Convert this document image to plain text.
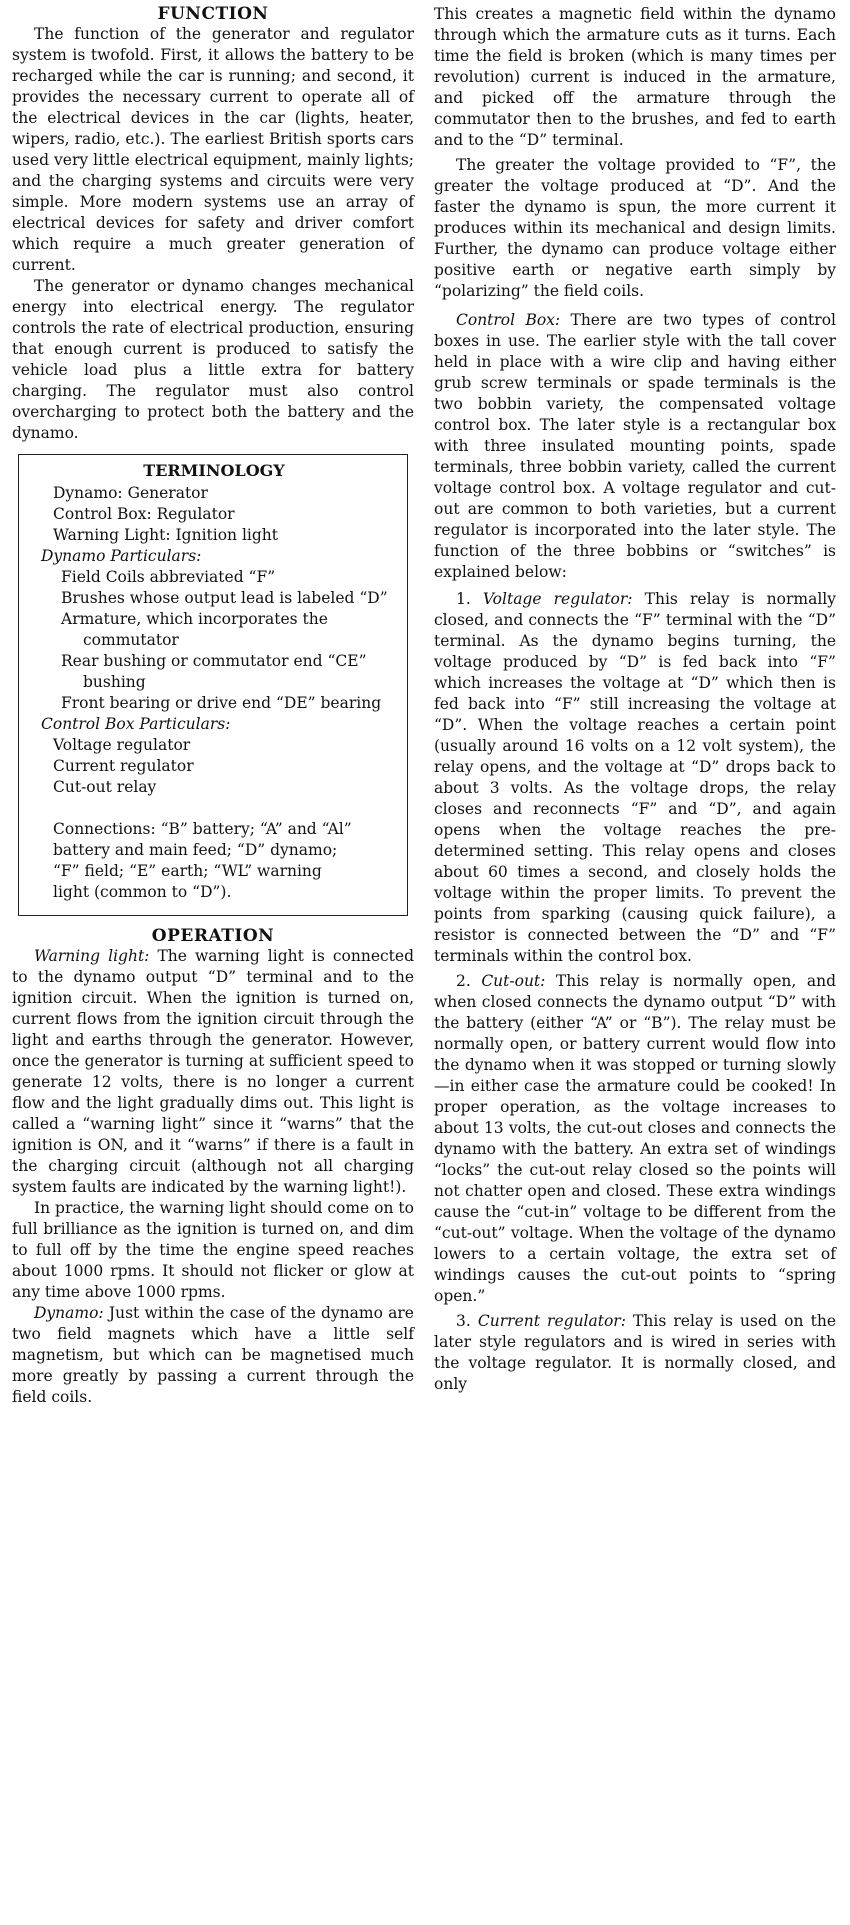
FUNCTION

The function of the generator and regulator system is twofold. First, it allows the battery to be recharged while the car is running; and second, it provides the necessary current to operate all of the electrical devices in the car (lights, heater, wipers, radio, etc.). The earliest British sports cars used very little electrical equipment, mainly lights; and the charging systems and circuits were very simple. More modern systems use an array of electrical devices for safety and driver comfort which require a much greater generation of current.

The generator or dynamo changes mechanical energy into electrical energy. The regulator controls the rate of electrical production, ensuring that enough current is produced to satisfy the vehicle load plus a little extra for battery charging. The regulator must also control overcharging to protect both the battery and the dynamo.

TERMINOLOGY
Dynamo: Generator
Control Box: Regulator
Warning Light: Ignition light
Dynamo Particulars:
Field Coils abbreviated “F”
Brushes whose output lead is labeled “D”
Armature, which incorporates the commutator
Rear bushing or commutator end “CE” bushing
Front bearing or drive end “DE” bearing
Control Box Particulars:
Voltage regulator
Current regulator
Cut-out relay
Connections: “B” battery; “A” and “Al” battery and main feed; “D” dynamo; “F” field; “E” earth; “WL” warning light (common to “D”).
OPERATION

Warning light: The warning light is connected to the dynamo output “D” terminal and to the ignition circuit. When the ignition is turned on, current flows from the ignition circuit through the light and earths through the generator. However, once the generator is turning at sufficient speed to generate 12 volts, there is no longer a current flow and the light gradually dims out. This light is called a “warning light” since it “warns” that the ignition is ON, and it “warns” if there is a fault in the charging circuit (although not all charging system faults are indicated by the warning light!).

In practice, the warning light should come on to full brilliance as the ignition is turned on, and dim to full off by the time the engine speed reaches about 1000 rpms. It should not flicker or glow at any time above 1000 rpms.

Dynamo: Just within the case of the dynamo are two field magnets which have a little self magnetism, but which can be magnetised much more greatly by passing a current through the field coils.

This creates a magnetic field within the dynamo through which the armature cuts as it turns. Each time the field is broken (which is many times per revolution) current is induced in the armature, and picked off the armature through the commutator then to the brushes, and fed to earth and to the “D” terminal.

The greater the voltage provided to “F”, the greater the voltage produced at “D”. And the faster the dynamo is spun, the more current it produces within its mechanical and design limits. Further, the dynamo can produce voltage either positive earth or negative earth simply by “polarizing” the field coils.

Control Box: There are two types of control boxes in use. The earlier style with the tall cover held in place with a wire clip and having either grub screw terminals or spade terminals is the two bobbin variety, the compensated voltage control box. The later style is a rectangular box with three insulated mounting points, spade terminals, three bobbin variety, called the current voltage control box. A voltage regulator and cut-out are common to both varieties, but a current regulator is incorporated into the later style. The function of the three bobbins or “switches” is explained below:

1. Voltage regulator: This relay is normally closed, and connects the “F” terminal with the “D” terminal. As the dynamo begins turning, the voltage produced by “D” is fed back into “F” which increases the voltage at “D” which then is fed back into “F” still increasing the voltage at “D”. When the voltage reaches a certain point (usually around 16 volts on a 12 volt system), the relay opens, and the voltage at “D” drops back to about 3 volts. As the voltage drops, the relay closes and reconnects “F” and “D”, and again opens when the voltage reaches the pre-determined setting. This relay opens and closes about 60 times a second, and closely holds the voltage within the proper limits. To prevent the points from sparking (causing quick failure), a resistor is connected between the “D” and “F” terminals within the control box.

2. Cut-out: This relay is normally open, and when closed connects the dynamo output “D” with the battery (either “A” or “B”). The relay must be normally open, or battery current would flow into the dynamo when it was stopped or turning slowly—in either case the armature could be cooked! In proper operation, as the voltage increases to about 13 volts, the cut-out closes and connects the dynamo with the battery. An extra set of windings “locks” the cut-out relay closed so the points will not chatter open and closed. These extra windings cause the “cut-in” voltage to be different from the “cut-out” voltage. When the voltage of the dynamo lowers to a certain voltage, the extra set of windings causes the cut-out points to “spring open.”

3. Current regulator: This relay is used on the later style regulators and is wired in series with the voltage regulator. It is normally closed, and only
